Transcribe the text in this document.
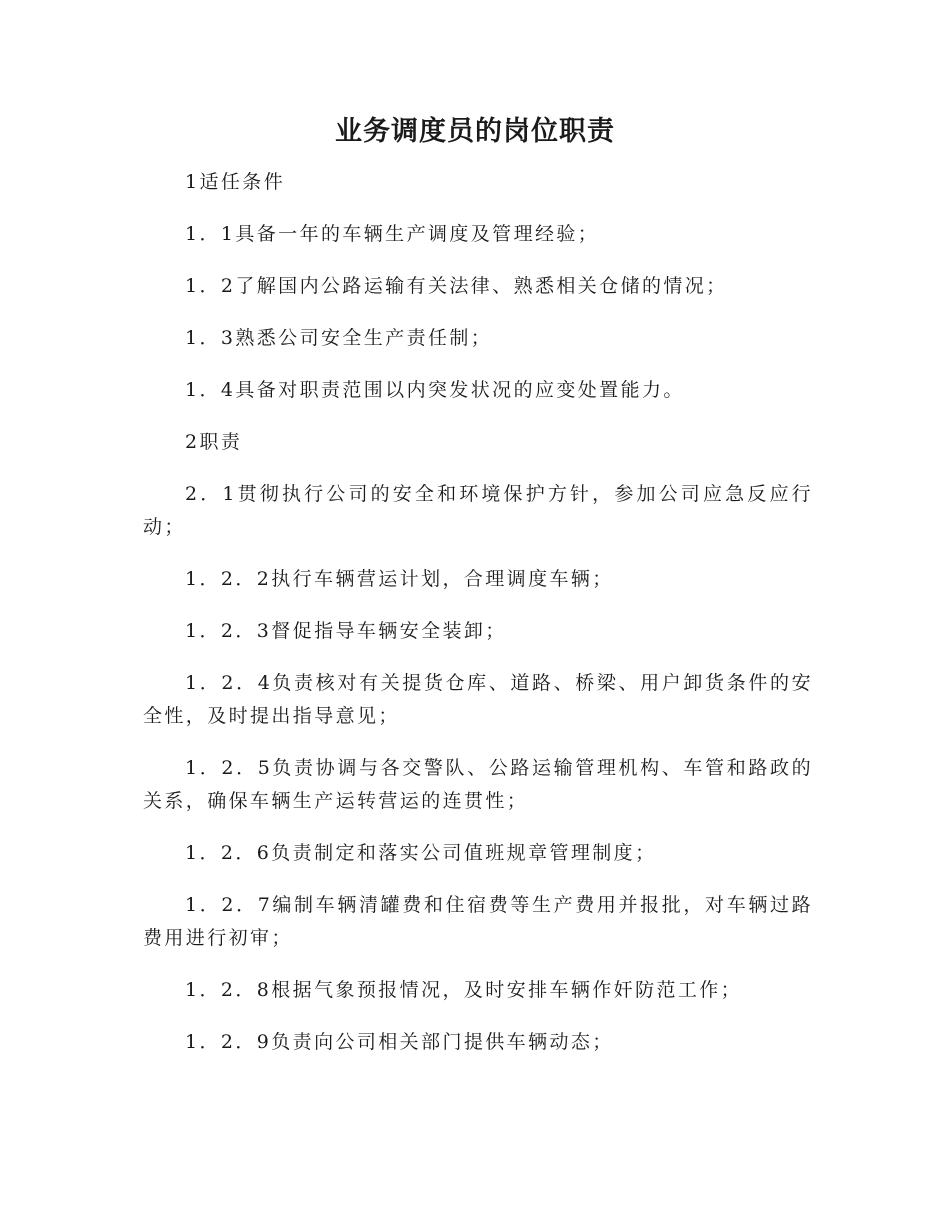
业务调度员的岗位职责

1适任条件

1．1具备一年的车辆生产调度及管理经验；

1．2了解国内公路运输有关法律、熟悉相关仓储的情况；

1．3熟悉公司安全生产责任制；

1．4具备对职责范围以内突发状况的应变处置能力。

2职责

2．1贯彻执行公司的安全和环境保护方针，参加公司应急反应行动；

1．2．2执行车辆营运计划，合理调度车辆；

1．2．3督促指导车辆安全装卸；

1．2．4负责核对有关提货仓库、道路、桥梁、用户卸货条件的安全性，及时提出指导意见；

1．2．5负责协调与各交警队、公路运输管理机构、车管和路政的关系，确保车辆生产运转营运的连贯性；

1．2．6负责制定和落实公司值班规章管理制度；

1．2．7编制车辆清罐费和住宿费等生产费用并报批，对车辆过路费用进行初审；

1．2．8根据气象预报情况，及时安排车辆作奸防范工作；

1．2．9负责向公司相关部门提供车辆动态；
